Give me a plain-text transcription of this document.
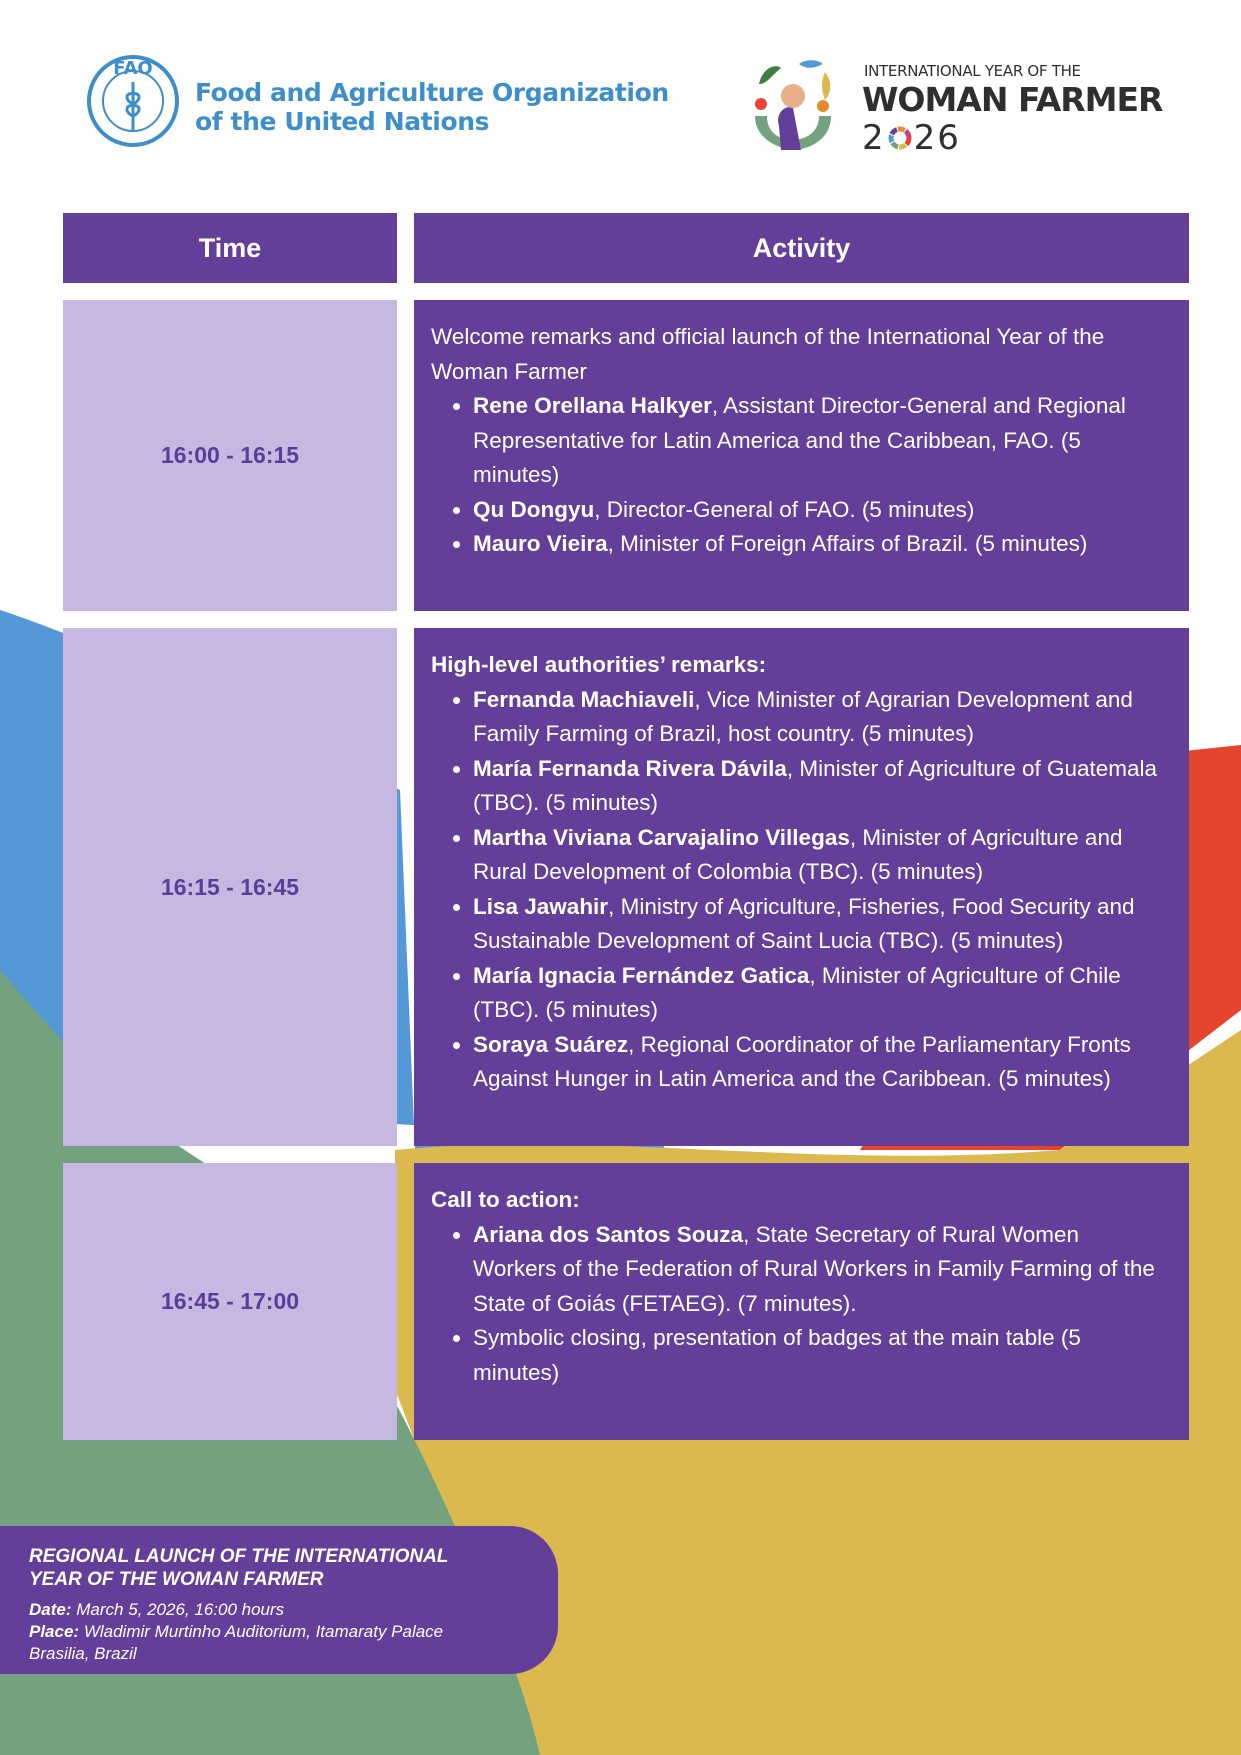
FAO
Food and Agriculture Organization
of the United Nations
INTERNATIONAL YEAR OF THE
WOMAN FARMER
2 26
Time	Activity
16:00 - 16:15

Welcome remarks and official launch of the International Year of the Woman Farmer

• Rene Orellana Halkyer, Assistant Director-General and Regional Representative for Latin America and the Caribbean, FAO. (5 minutes)
• Qu Dongyu, Director-General of FAO. (5 minutes)
• Mauro Vieira, Minister of Foreign Affairs of Brazil. (5 minutes)
16:15 - 16:45

High-level authorities’ remarks:

• Fernanda Machiaveli, Vice Minister of Agrarian Development and Family Farming of Brazil, host country. (5 minutes)
• María Fernanda Rivera Dávila, Minister of Agriculture of Guatemala (TBC). (5 minutes)
• Martha Viviana Carvajalino Villegas, Minister of Agriculture and Rural Development of Colombia (TBC). (5 minutes)
• Lisa Jawahir, Ministry of Agriculture, Fisheries, Food Security and Sustainable Development of Saint Lucia (TBC). (5 minutes)
• María Ignacia Fernández Gatica, Minister of Agriculture of Chile (TBC). (5 minutes)
• Soraya Suárez, Regional Coordinator of the Parliamentary Fronts Against Hunger in Latin America and the Caribbean. (5 minutes)
16:45 - 17:00

Call to action:

• Ariana dos Santos Souza, State Secretary of Rural Women Workers of the Federation of Rural Workers in Family Farming of the State of Goiás (FETAEG). (7 minutes).
• Symbolic closing, presentation of badges at the main table (5 minutes)
REGIONAL LAUNCH OF THE INTERNATIONAL
YEAR OF THE WOMAN FARMER
Date: March 5, 2026, 16:00 hours
Place: Wladimir Murtinho Auditorium, Itamaraty Palace
Brasilia, Brazil
